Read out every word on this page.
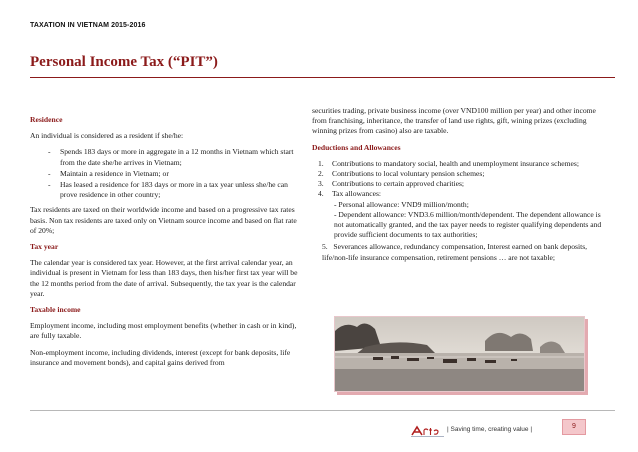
TAXATION IN VIETNAM 2015-2016
Personal Income Tax (“PIT”)
Residence

An individual is considered as a resident if she/he:

- Spends 183 days or more in aggregate in a 12 months in Vietnam which start from the date she/he arrives in Vietnam;
- Maintain a residence in Vietnam; or
- Has leased a residence for 183 days or more in a tax year unless she/he can prove residence in other country;

Tax residents are taxed on their worldwide income and based on a progressive tax rates basis. Non tax residents are taxed only on Vietnam source income and based on flat rate of 20%;

Tax year

The calendar year is considered tax year. However, at the first arrival calendar year, an individual is present in Vietnam for less than 183 days, then his/her first tax year will be the 12 months period from the date of arrival. Subsequently, the tax year is the calendar year.

Taxable income

Employment income, including most employment benefits (whether in cash or in kind), are fully taxable.

Non-employment income, including dividends, interest (except for bank deposits, life insurance and movement bonds), and capital gains derived from

securities trading, private business income (over VND100 million per year) and other income from franchising, inheritance, the transfer of land use rights, gift, wining prizes (excluding winning prizes from casino) also are taxable.

Deductions and Allowances
1. Contributions to mandatory social, health and unemployment insurance schemes;
2. Contributions to local voluntary pension schemes;
3. Contributions to certain approved charities;
4. Tax allowances:
- Personal allowance: VND9 million/month;
- Dependent allowance: VND3.6 million/month/dependent. The dependent allowance is not automatically granted, and the tax payer needs to register qualifying dependents and provide sufficient documents to tax authorities;
5. Severances allowance, redundancy compensation, Interest earned on bank deposits, life/non-life insurance compensation, retirement pensions … are not taxable;
| Saving time, creating value |	9
